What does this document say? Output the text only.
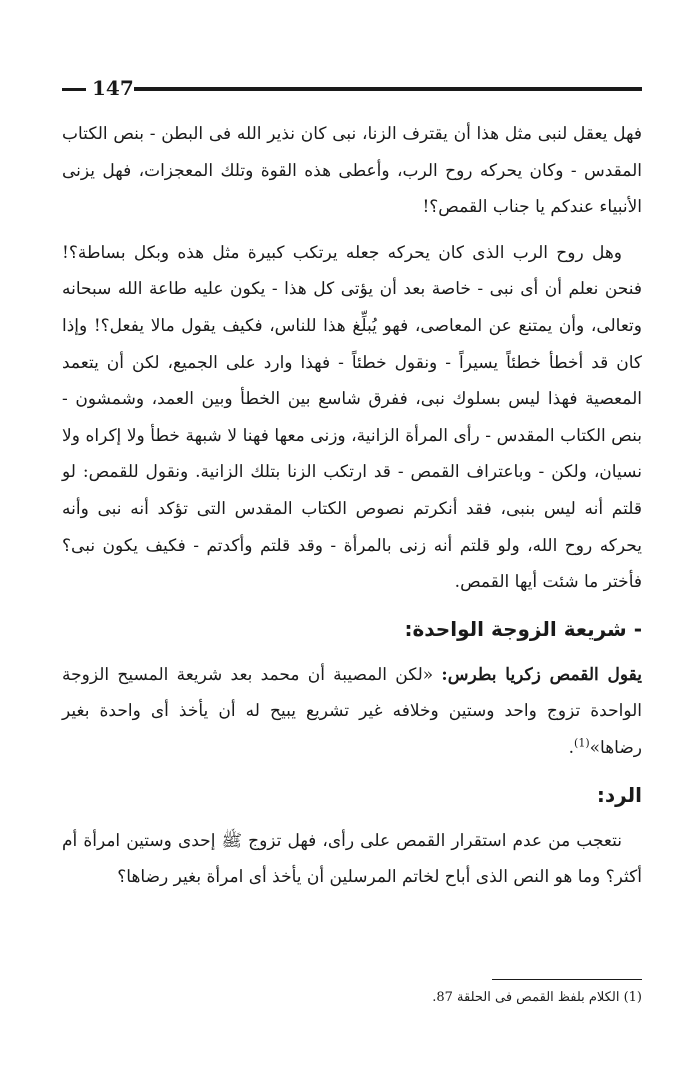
147

فهل يعقل لنبى مثل هذا أن يقترف الزنا، نبى كان نذير الله فى البطن - بنص الكتاب المقدس - وكان يحركه روح الرب، وأعطى هذه القوة وتلك المعجزات، فهل يزنى الأنبياء عندكم يا جناب القمص؟!

وهل روح الرب الذى كان يحركه جعله يرتكب كبيرة مثل هذه وبكل بساطة؟! فنحن نعلم أن أى نبى - خاصة بعد أن يؤتى كل هذا - يكون عليه طاعة الله سبحانه وتعالى، وأن يمتنع عن المعاصى، فهو يُبلِّغ هذا للناس، فكيف يقول مالا يفعل؟! وإذا كان قد أخطأ خطئاً يسيراً - ونقول خطئاً - فهذا وارد على الجميع، لكن أن يتعمد المعصية فهذا ليس بسلوك نبى، ففرق شاسع بين الخطأ وبين العمد، وشمشون - بنص الكتاب المقدس - رأى المرأة الزانية، وزنى معها فهنا لا شبهة خطأ ولا إكراه ولا نسيان، ولكن - وباعتراف القمص - قد ارتكب الزنا بتلك الزانية. ونقول للقمص: لو قلتم أنه ليس بنبى، فقد أنكرتم نصوص الكتاب المقدس التى تؤكد أنه نبى وأنه يحركه روح الله، ولو قلتم أنه زنى بالمرأة - وقد قلتم وأكدتم - فكيف يكون نبى؟ فأختر ما شئت أيها القمص.

- شريعة الزوجة الواحدة:

يقول القمص زكريا بطرس: «لكن المصيبة أن محمد بعد شريعة المسيح الزوجة الواحدة تزوج واحد وستين وخلافه غير تشريع يبيح له أن يأخذ أى واحدة بغير رضاها»$^{(1)}$.

الرد:

نتعجب من عدم استقرار القمص على رأى، فهل تزوج ﷺ إحدى وستين امرأة أم أكثر؟ وما هو النص الذى أباح لخاتم المرسلين أن يأخذ أى امرأة بغير رضاها؟

(1) الكلام بلفظ القمص فى الحلقة 87.
